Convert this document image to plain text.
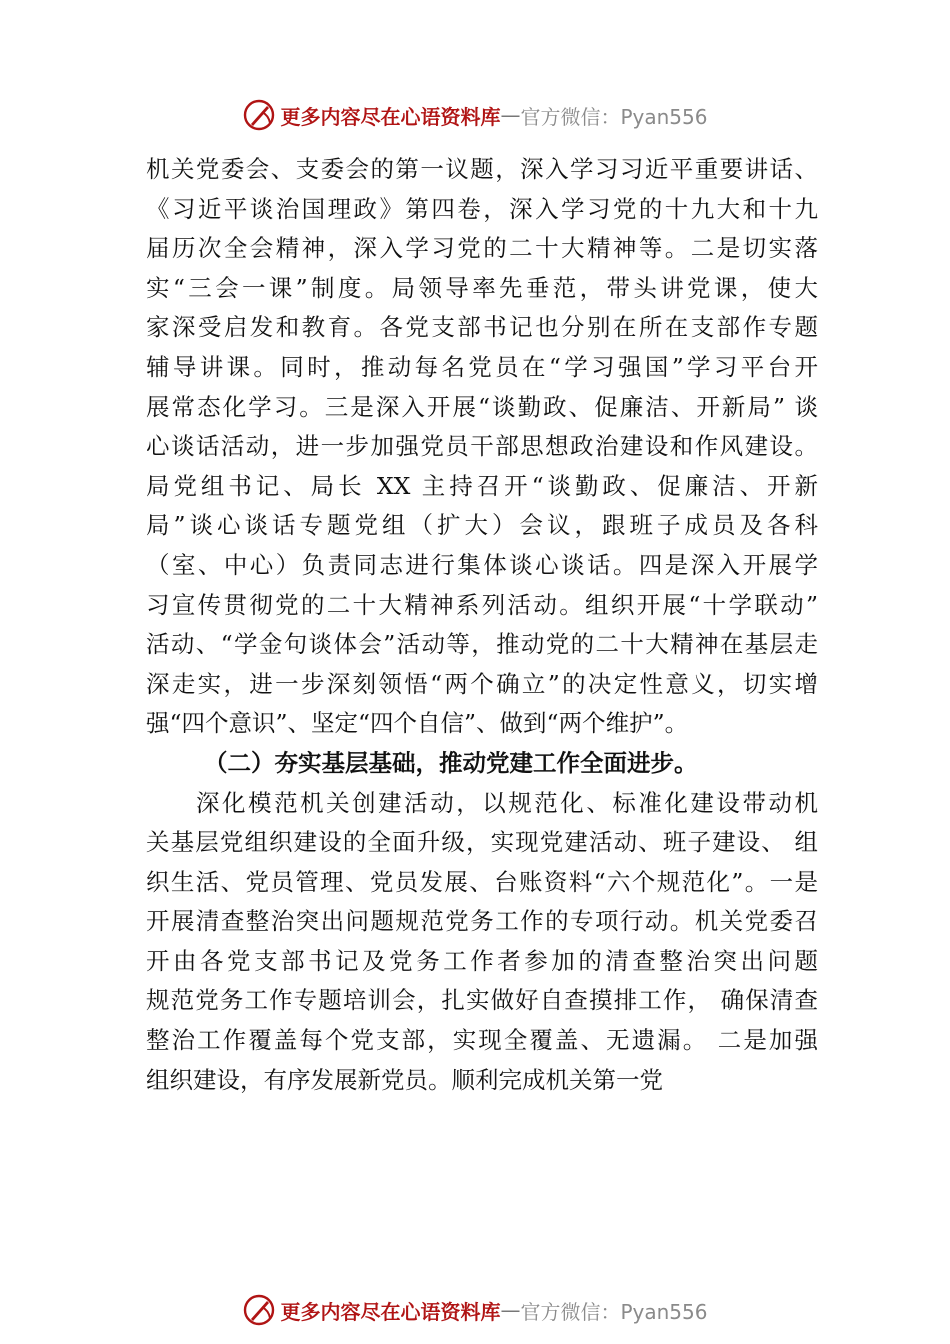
更多内容尽在心语资料库 — 官方微信：Pyan556
机关党委会、支委会的第一议题，深入学习习近平重要讲话、
《习近平谈治国理政》第四卷，深入学习党的十九大和十九
届历次全会精神，深入学习党的二十大精神等。二是切实落
实“三会一课”制度。局领导率先垂范，带头讲党课，使大
家深受启发和教育。各党支部书记也分别在所在支部作专题
辅导讲课。同时，推动每名党员在“学习强国”学习平台开
展常态化学习。三是深入开展“谈勤政、促廉洁、开新局” 谈
心谈话活动，进一步加强党员干部思想政治建设和作风建设。
局党组书记、局长 XX 主持召开“谈勤政、促廉洁、开新
局”谈心谈话专题党组（扩大）会议，跟班子成员及各科
（室、中心）负责同志进行集体谈心谈话。四是深入开展学
习宣传贯彻党的二十大精神系列活动。组织开展“十学联动”
活动、“学金句谈体会”活动等，推动党的二十大精神在基层走
深走实，进一步深刻领悟“两个确立”的决定性意义，切实增
强“四个意识”、坚定“四个自信”、做到“两个维护”。
（二）夯实基层基础，推动党建工作全面进步。
深化模范机关创建活动，以规范化、标准化建设带动机
关基层党组织建设的全面升级，实现党建活动、班子建设、 组
织生活、党员管理、党员发展、台账资料“六个规范化”。一是
开展清查整治突出问题规范党务工作的专项行动。机关党委召
开由各党支部书记及党务工作者参加的清查整治突出问题
规范党务工作专题培训会，扎实做好自查摸排工作， 确保清查
整治工作覆盖每个党支部，实现全覆盖、无遗漏。 二是加强
组织建设，有序发展新党员。顺利完成机关第一党
更多内容尽在心语资料库 — 官方微信：Pyan556
